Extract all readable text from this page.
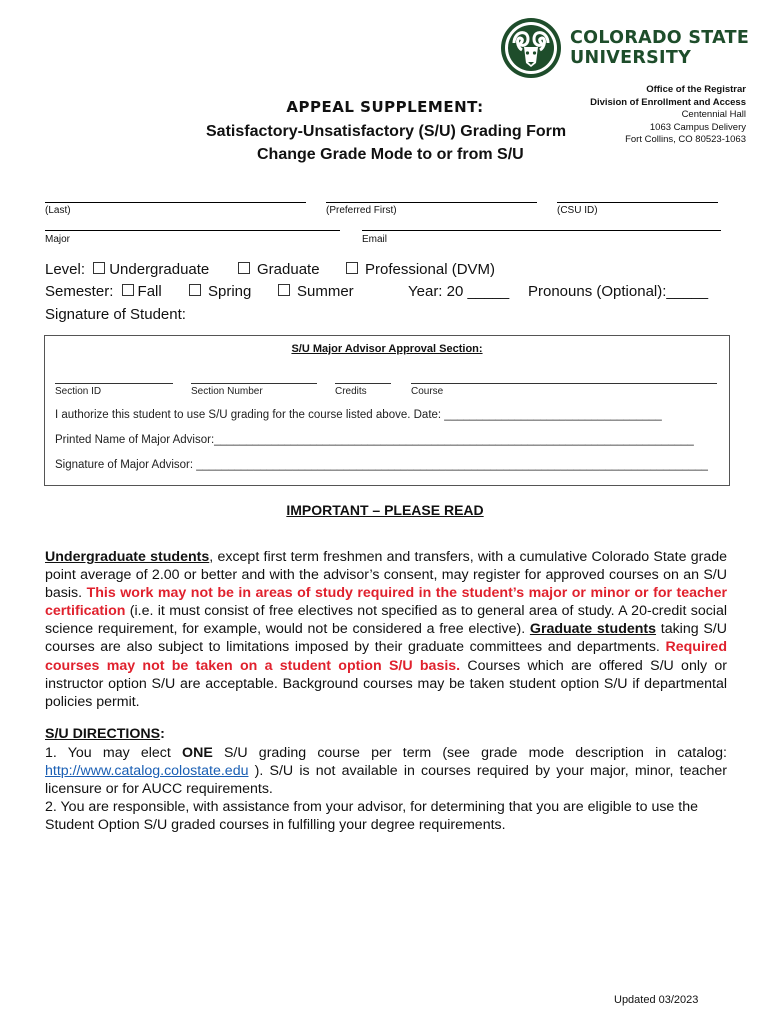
COLORADO STATE
UNIVERSITY
Office of the Registrar
Division of Enrollment and Access
Centennial Hall
1063 Campus Delivery
Fort Collins, CO 80523-1063
APPEAL SUPPLEMENT:
Satisfactory-Unsatisfactory (S/U) Grading Form
Change Grade Mode to or from S/U
(Last)	(Preferred First)	(CSU ID)
Major	Email
Level: Undergraduate	Graduate	Professional (DVM)
Semester: Fall	Spring	Summer	Year: 20 _____ Pronouns (Optional):_____
Signature of Student:
S/U Major Advisor Approval Section:
Section ID	Section Number	Credits	Course
I authorize this student to use S/U grading for the course listed above. Date: __________________________________
Printed Name of Major Advisor:___________________________________________________________________________
Signature of Major Advisor: ________________________________________________________________________________
IMPORTANT – PLEASE READ
Undergraduate students, except first term freshmen and transfers, with a cumulative Colorado State grade point average of 2.00 or better and with the advisor’s consent, may register for approved courses on an S/U basis. This work may not be in areas of study required in the student’s major or minor or for teacher certification (i.e. it must consist of free electives not specified as to general area of study. A 20-credit social science requirement, for example, would not be considered a free elective). Graduate students taking S/U courses are also subject to limitations imposed by their graduate committees and departments. Required courses may not be taken on a student option S/U basis. Courses which are offered S/U only or instructor option S/U are acceptable. Background courses may be taken student option S/U if departmental policies permit.
S/U DIRECTIONS:
1. You may elect ONE S/U grading course per term (see grade mode description in catalog: http://www.catalog.colostate.edu ). S/U is not available in courses required by your major, minor, teacher licensure or for AUCC requirements.
2. You are responsible, with assistance from your advisor, for determining that you are eligible to use the Student Option S/U graded courses in fulfilling your degree requirements.
Updated 03/2023
